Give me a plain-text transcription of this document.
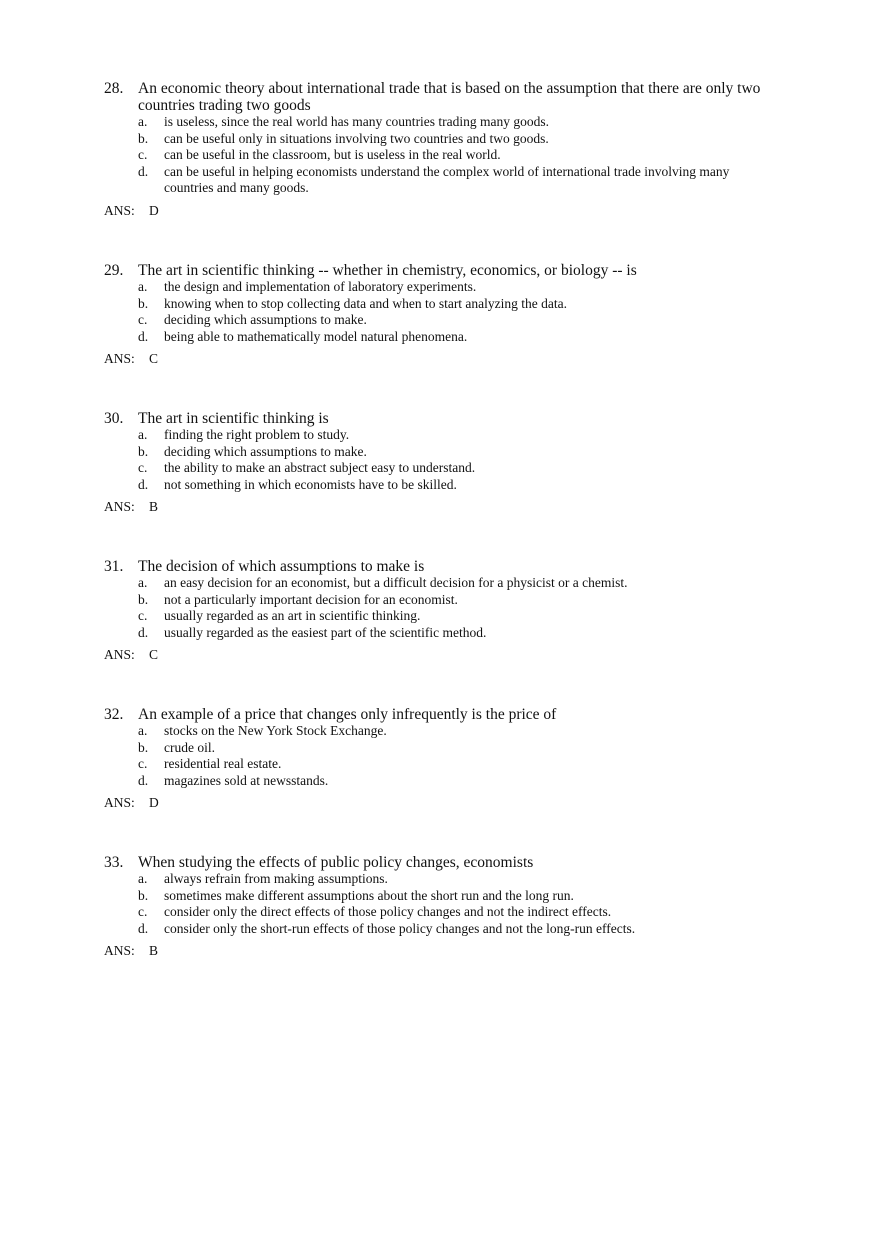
28. An economic theory about international trade that is based on the assumption that there are only two countries trading two goods
a.	is useless, since the real world has many countries trading many goods.
b.	can be useful only in situations involving two countries and two goods.
c.	can be useful in the classroom, but is useless in the real world.
d.	can be useful in helping economists understand the complex world of international trade involving many countries and many goods.
ANS:	D
29. The art in scientific thinking -- whether in chemistry, economics, or biology -- is
a.	the design and implementation of laboratory experiments.
b.	knowing when to stop collecting data and when to start analyzing the data.
c.	deciding which assumptions to make.
d.	being able to mathematically model natural phenomena.
ANS:	C
30. The art in scientific thinking is
a.	finding the right problem to study.
b.	deciding which assumptions to make.
c.	the ability to make an abstract subject easy to understand.
d.	not something in which economists have to be skilled.
ANS:	B
31. The decision of which assumptions to make is
a.	an easy decision for an economist, but a difficult decision for a physicist or a chemist.
b.	not a particularly important decision for an economist.
c.	usually regarded as an art in scientific thinking.
d.	usually regarded as the easiest part of the scientific method.
ANS:	C
32. An example of a price that changes only infrequently is the price of
a.	stocks on the New York Stock Exchange.
b.	crude oil.
c.	residential real estate.
d.	magazines sold at newsstands.
ANS:	D
33. When studying the effects of public policy changes, economists
a.	always refrain from making assumptions.
b.	sometimes make different assumptions about the short run and the long run.
c.	consider only the direct effects of those policy changes and not the indirect effects.
d.	consider only the short-run effects of those policy changes and not the long-run effects.
ANS:	B
